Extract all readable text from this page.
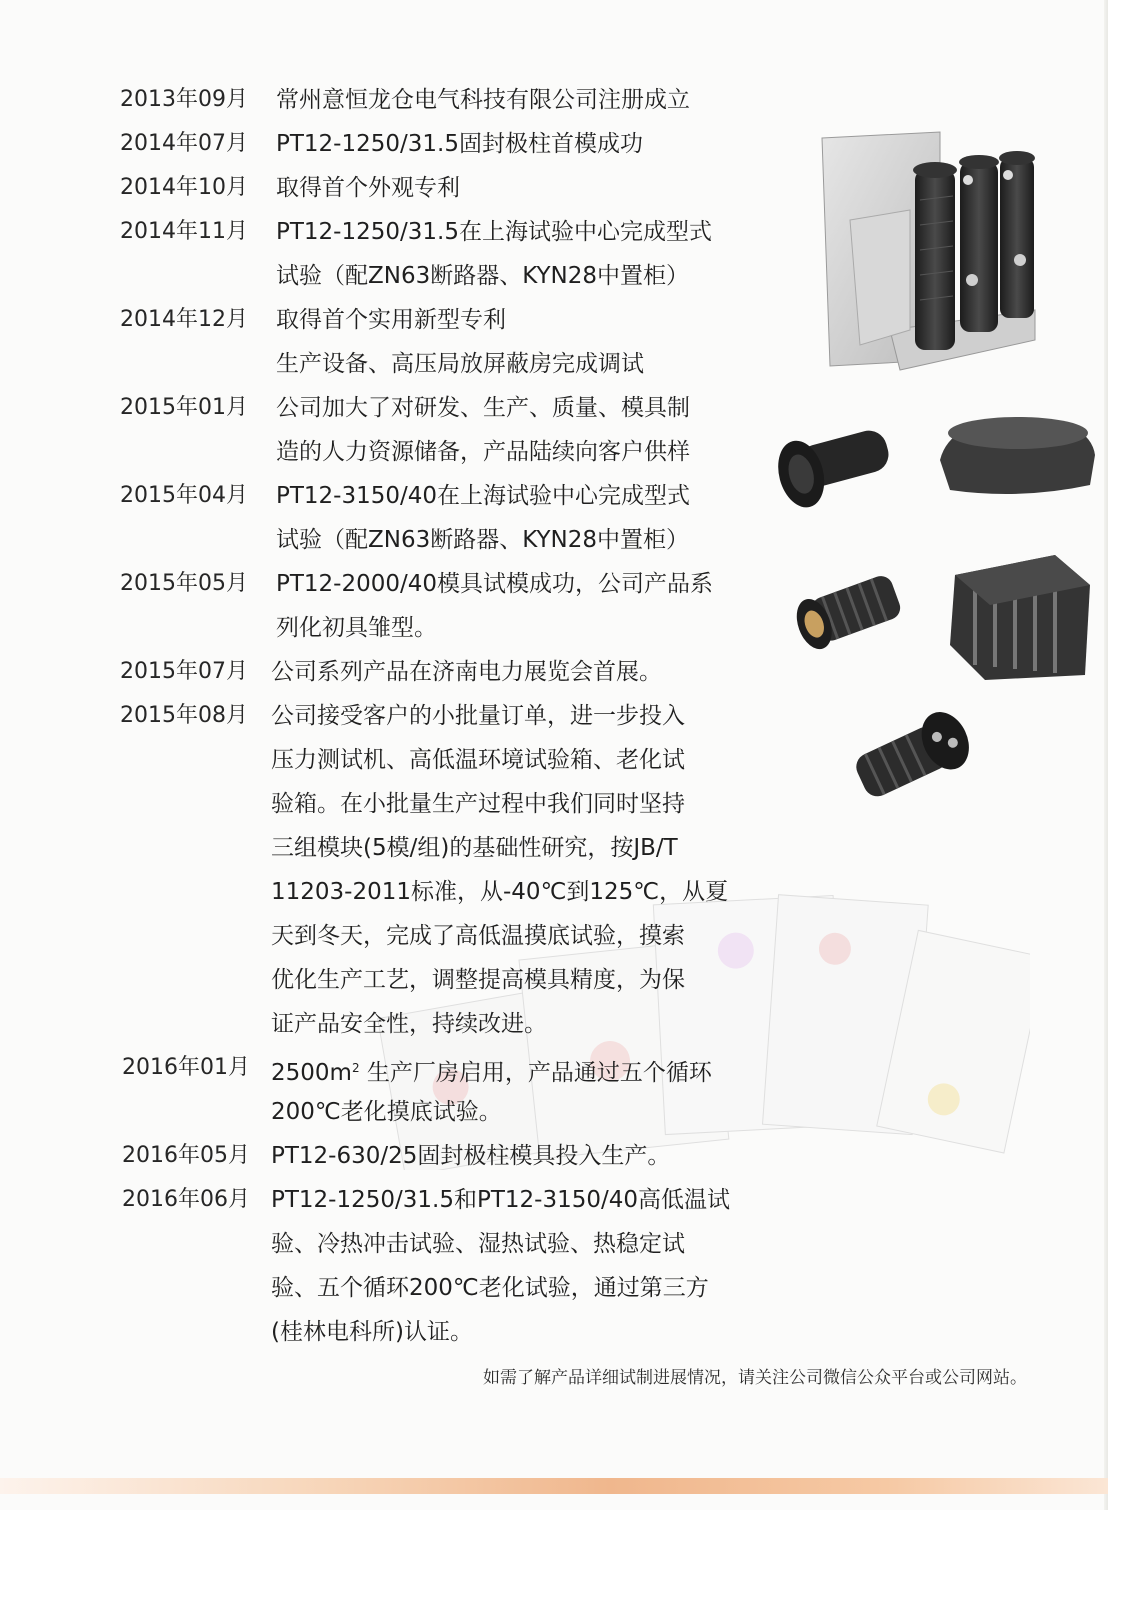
2013年09月 常州意恒龙仓电气科技有限公司注册成立
2014年07月 PT12-1250/31.5固封极柱首模成功
2014年10月 取得首个外观专利
2014年11月 PT12-1250/31.5在上海试验中心完成型式
试验（配ZN63断路器、KYN28中置柜）
2014年12月 取得首个实用新型专利
生产设备、高压局放屏蔽房完成调试
2015年01月 公司加大了对研发、生产、质量、模具制
造的人力资源储备，产品陆续向客户供样
2015年04月 PT12-3150/40在上海试验中心完成型式
试验（配ZN63断路器、KYN28中置柜）
2015年05月 PT12-2000/40模具试模成功，公司产品系
列化初具雏型。
2015年07月 公司系列产品在济南电力展览会首展。
2015年08月 公司接受客户的小批量订单，进一步投入
压力测试机、高低温环境试验箱、老化试
验箱。在小批量生产过程中我们同时坚持
三组模块(5模/组)的基础性研究，按JB/T
11203-2011标准，从-40℃到125℃，从夏
天到冬天，完成了高低温摸底试验，摸索
优化生产工艺，调整提高模具精度，为保
证产品安全性，持续改进。
2016年01月 $2500m^2$ 生产厂房启用，产品通过五个循环
200℃老化摸底试验。
2016年05月 PT12-630/25固封极柱模具投入生产。
2016年06月 PT12-1250/31.5和PT12-3150/40高低温试
验、冷热冲击试验、湿热试验、热稳定试
验、五个循环200℃老化试验，通过第三方
(桂林电科所)认证。
如需了解产品详细试制进展情况，请关注公司微信公众平台或公司网站。
